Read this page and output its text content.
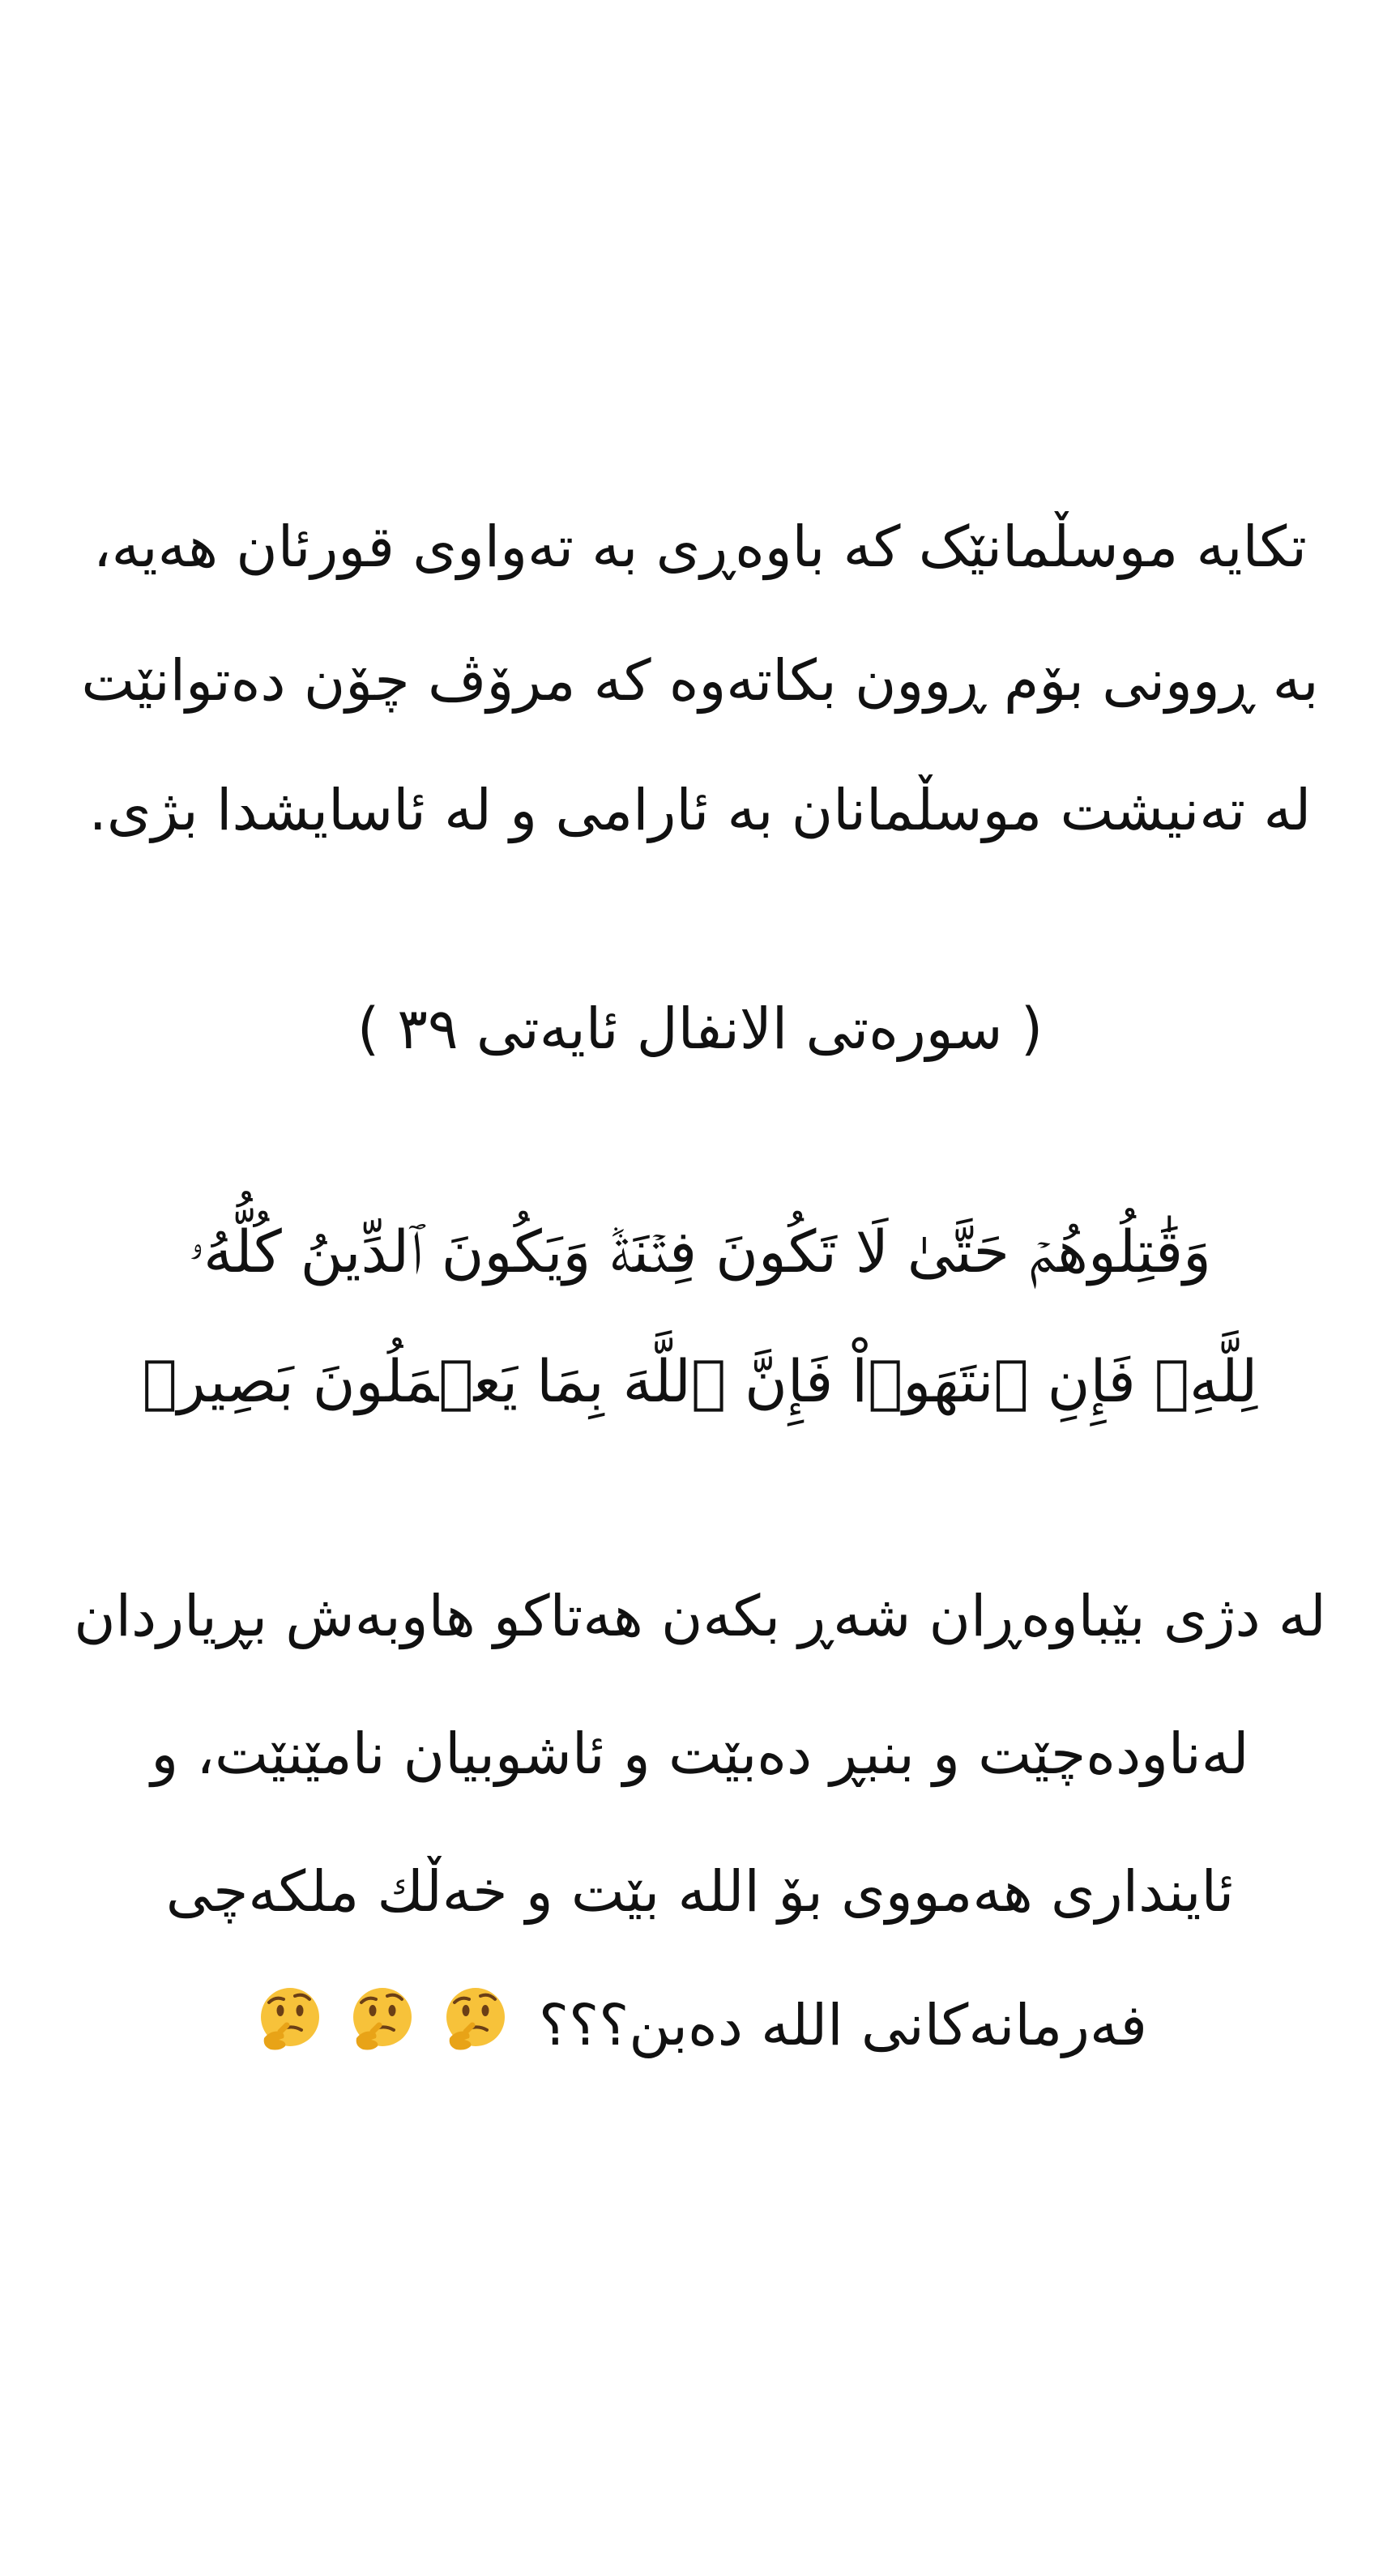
تکایە موسڵمانێک کە باوەڕی بە تەواوی قورئان هەیە،
بە ڕوونی بۆم ڕوون بکاتەوە کە مرۆڤ چۆن دەتوانێت
لە تەنیشت موسڵمانان بە ئارامی و لە ئاسایشدا بژی.
( سورەتی الانفال ئایەتی ٣٩ )
وَقَٰتِلُوهُمۡ حَتَّىٰ لَا تَكُونَ فِتۡنَةٞ وَيَكُونَ ٱلدِّينُ كُلُّهُۥ
لِلَّهِۚ فَإِنِ ٱنتَهَوۡاْ فَإِنَّ ٱللَّهَ بِمَا يَعۡمَلُونَ بَصِيرٞ
لە دژی بێباوەڕان شەڕ بکەن هەتاکو هاوبەش بڕیاردان
لەناودەچێت و بنبڕ دەبێت و ئاشوبیان نامێنێت، و
ئاینداری هەمووی بۆ اللە بێت و خەڵك ملکەچی
فەرمانەکانی اللە دەبن؟؟؟
